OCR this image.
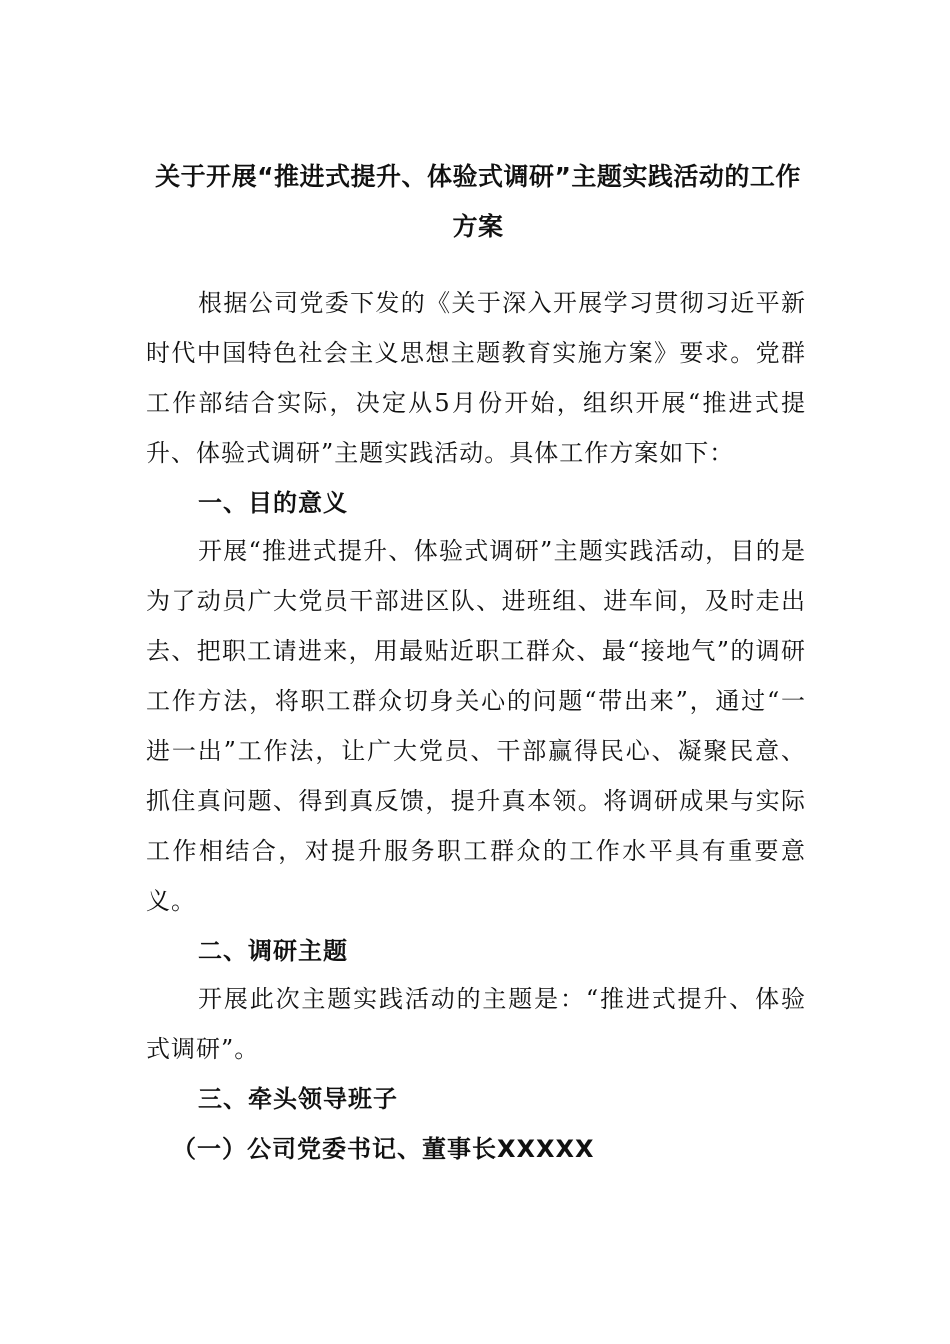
关于开展“推进式提升、体验式调研”主题实践活动的工作方案

根据公司党委下发的《关于深入开展学习贯彻习近平新时代中国特色社会主义思想主题教育实施方案》要求。党群工作部结合实际，决定从5月份开始，组织开展“推进式提升、体验式调研”主题实践活动。具体工作方案如下：

一、目的意义

开展“推进式提升、体验式调研”主题实践活动，目的是为了动员广大党员干部进区队、进班组、进车间，及时走出去、把职工请进来，用最贴近职工群众、最“接地气”的调研工作方法，将职工群众切身关心的问题“带出来”，通过“一进一出”工作法，让广大党员、干部赢得民心、凝聚民意、抓住真问题、得到真反馈，提升真本领。将调研成果与实际工作相结合，对提升服务职工群众的工作水平具有重要意义。

二、调研主题

开展此次主题实践活动的主题是：“推进式提升、体验式调研”。

三、牵头领导班子

（一）公司党委书记、董事长XXXXX
